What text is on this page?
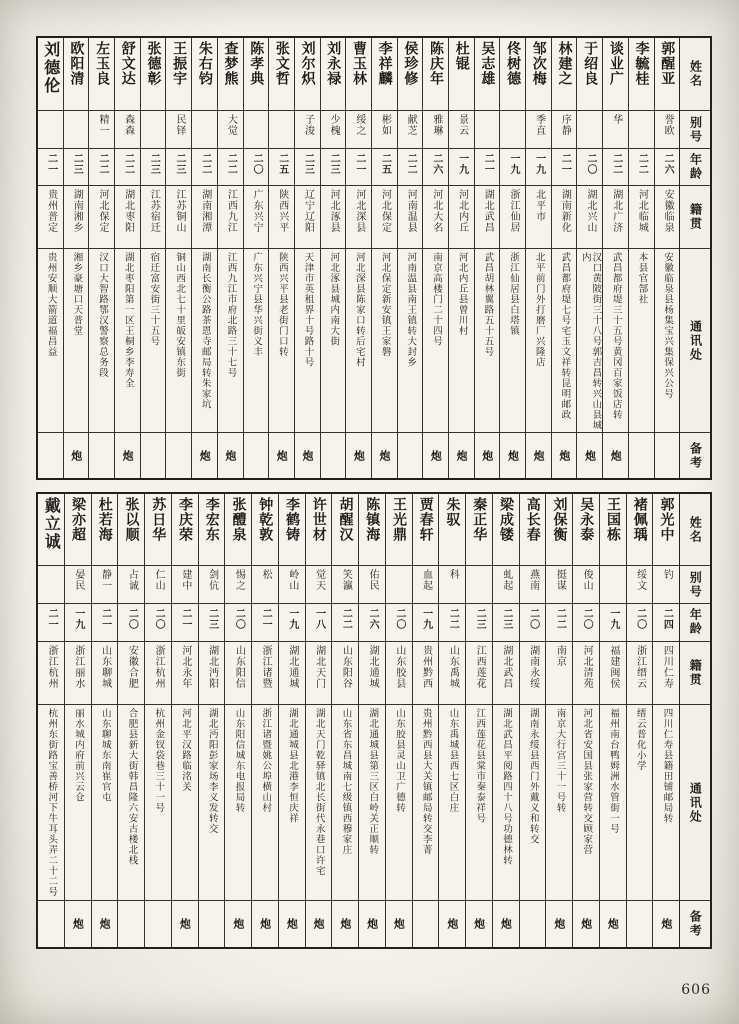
刘德伦
二一
贵州普定
贵州安顺大箭道福昌益
欧阳清
二三
湖南湘乡
湘乡豪塘口天普堂
炮
左玉良
精一
二二
河北保定
汉口大智路鄂汉警察总务段
舒文达
森森
二二
湖北枣阳
湖北枣阳第一区王桐乡李寿全
炮
张德彰
二三
江苏宿迁
宿迁富安街三十五号
王振宇
民铎
二三
江苏铜山
铜山西北七十里皈安镇东街
朱右钧
二二
湖南湘潭
湖南长衡公路茶恩寺邮局转朱家坑
炮
查梦熊
大觉
二二
江西九江
江西九江市府北路三十七号
炮
陈孝典
二〇
广东兴宁
广东兴宁县华兴街义丰
张文哲
二五
陕西兴平
陕西兴平县老街门口转
炮
刘尔炽
子浚
二三
辽宁辽阳
天津市英租界十号路十号
炮
刘永禄
少槐
二三
河北涿县
河北涿县城内南大街
曹玉林
绥之
二一
河北深县
河北深县陈家口转后宅村
炮
李祥麟
彬如
二五
河北保定
河北保定新安镇王家磐
炮
侯珍修
献芝
二二
河南温县
河南温县南王镇转大封乡
陈庆年
雅琳
二六
河北大名
南京高楼门二十四号
炮
杜锟
景云
一九
河北内丘
河北内丘县曾川村
炮
吴志雄
二一
湖北武昌
武昌胡林翼路五十五号
炮
佟树德
一九
浙江仙居
浙江仙居县白塔镇
炮
邹次梅
季直
一九
北平市
北平前门外打磨厂兴隆店
炮
林建之
序静
二一
湖南新化
武昌都府堤七号宅玉文祥转昆明邮政
炮
于绍良
二〇
湖北兴山
汉口黄陂街三十八号郭吉昌转兴山县城内
炮
谈业广
华
二二
湖北广济
武昌都府堤三十五号黄冈百家饭店转
炮
李毓桂
二二
河北临城
本县官郜社
郭醒亚
誉欧
二六
安徽临泉
安徽临泉县杨集宝兴集保兴公号
姓名
别号
年龄
籍贯
通讯处
备考
戴立诚
二一
浙江杭州
杭州东街路宝善桥河下牛耳头弄二十二号
梁亦超
晏民
一九
浙江丽水
丽水城内府前兴云仓
炮
杜若海
静一
二一
山东聊城
山东聊城东南崔官屯
炮
张以顺
占诚
二〇
安徽合肥
合肥县新大街韩昌隆六安古楼北栈
苏日华
仁山
二〇
浙江杭州
杭州金钗袋巷三十一号
李庆荣
建中
二一
河北永年
河北平汉路临洺关
炮
李宏东
剑伉
二三
湖北沔阳
湖北沔阳彭家场李义发转交
张醴泉
惕之
二〇
山东阳信
山东阳信城东电报局转
炮
钟乾敦
松
二一
浙江诸暨
浙江诸暨姚公埠横山村
炮
李鹤铸
岭山
一九
湖北通城
湖北通城县北港李恒庆祥
炮
许世材
觉天
一八
湖北天门
湖北天门乾驿镇北长街代永巷口许宅
炮
胡醒汉
笑瀛
二二
山东阳谷
山东省东昌城南七级镇西穆家庄
炮
陈镇海
佑民
二六
湖北通城
湖北通城县第三区白岭关正顺转
炮
王光鼎
二〇
山东胶县
山东胶县灵山卫广德转
炮
贾春轩
血起
一九
贵州黔西
贵州黔西县大关镇邮局转交李菁
朱驭
科
二二
山东禹城
山东禹城县西七区白庄
炮
秦正华
二三
江西莲花
江西莲花县棠市秦泰祥号
炮
梁成镂
虬起
二三
湖北武昌
湖北武昌平阅路四十八号功德林转
炮
高长春
燕南
二〇
湖南永绥
湖南永绥县西门外戴义和转交
刘保衡
挺谋
二二
南京
南京大行宫三十一号转
炮
吴永泰
俊山
二〇
河北清苑
河北省安国县张家营转交顾家营
炮
王国栋
一九
福建闽侯
福州南台鸭姆洲水管街一号
炮
褚佩瑀
绥文
二〇
浙江缙云
缙云普化小学
郭光中
钓
二四
四川仁寿
四川仁寿县籍田铺邮局转
炮
姓名
别号
年龄
籍贯
通讯处
备考
606
